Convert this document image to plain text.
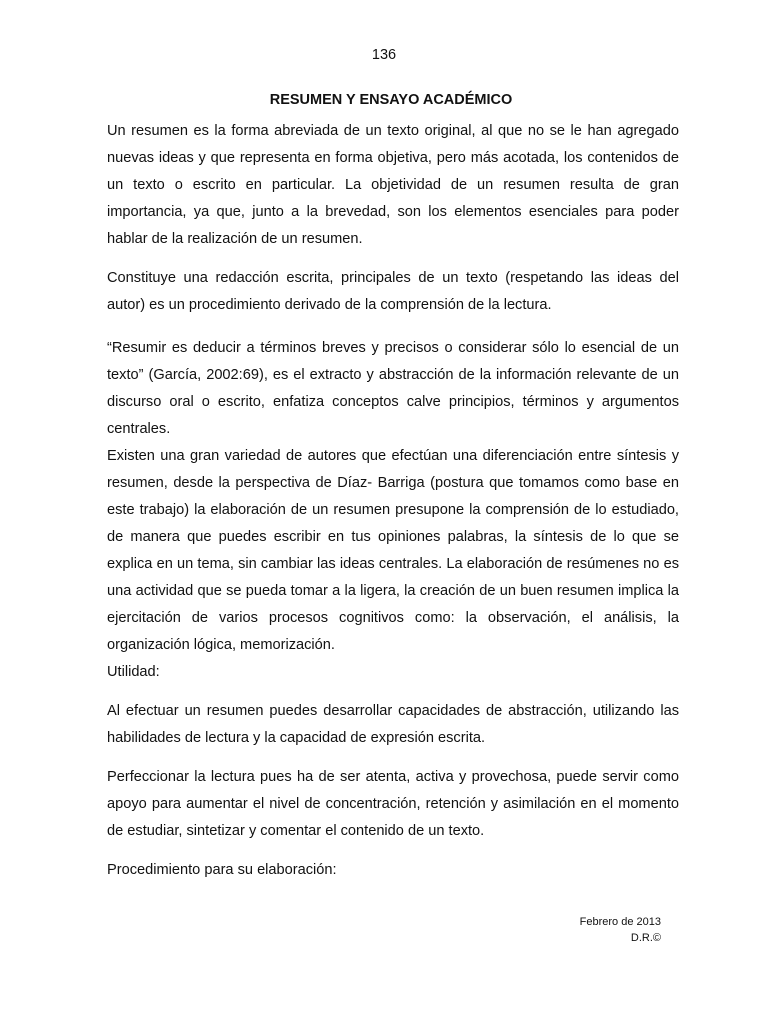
136
RESUMEN Y ENSAYO ACADÉMICO

Un resumen es la forma abreviada de un texto original, al que no se le han agregado nuevas ideas y que representa en forma objetiva, pero más acotada, los contenidos de un texto o escrito en particular. La objetividad de un resumen resulta de gran importancia, ya que, junto a la brevedad, son los elementos esenciales para poder hablar de la realización de un resumen.

Constituye una redacción escrita, principales de un texto (respetando las ideas del autor) es un procedimiento derivado de la comprensión de la lectura.

“Resumir es deducir a términos breves y precisos o considerar sólo lo esencial de un texto” (García, 2002:69), es el extracto y abstracción de la información relevante de un discurso oral o escrito, enfatiza conceptos calve principios, términos y argumentos centrales.

Existen una gran variedad de autores que efectúan una diferenciación entre síntesis y resumen, desde la perspectiva de Díaz- Barriga (postura que tomamos como base en este trabajo) la elaboración de un resumen presupone la comprensión de lo estudiado, de manera que puedes escribir en tus opiniones palabras, la síntesis de lo que se explica en un tema, sin cambiar las ideas centrales. La elaboración de resúmenes no es una actividad que se pueda tomar a la ligera, la creación de un buen resumen implica la ejercitación de varios procesos cognitivos como: la observación, el análisis, la organización lógica, memorización.

Utilidad:

Al efectuar un resumen puedes desarrollar capacidades de abstracción, utilizando las habilidades de lectura y la capacidad de expresión escrita.

Perfeccionar la lectura pues ha de ser atenta, activa y provechosa, puede servir como apoyo para aumentar el nivel de concentración, retención y asimilación en el momento de estudiar, sintetizar y comentar el contenido de un texto.

Procedimiento para su elaboración:

Febrero de 2013
D.R.©
